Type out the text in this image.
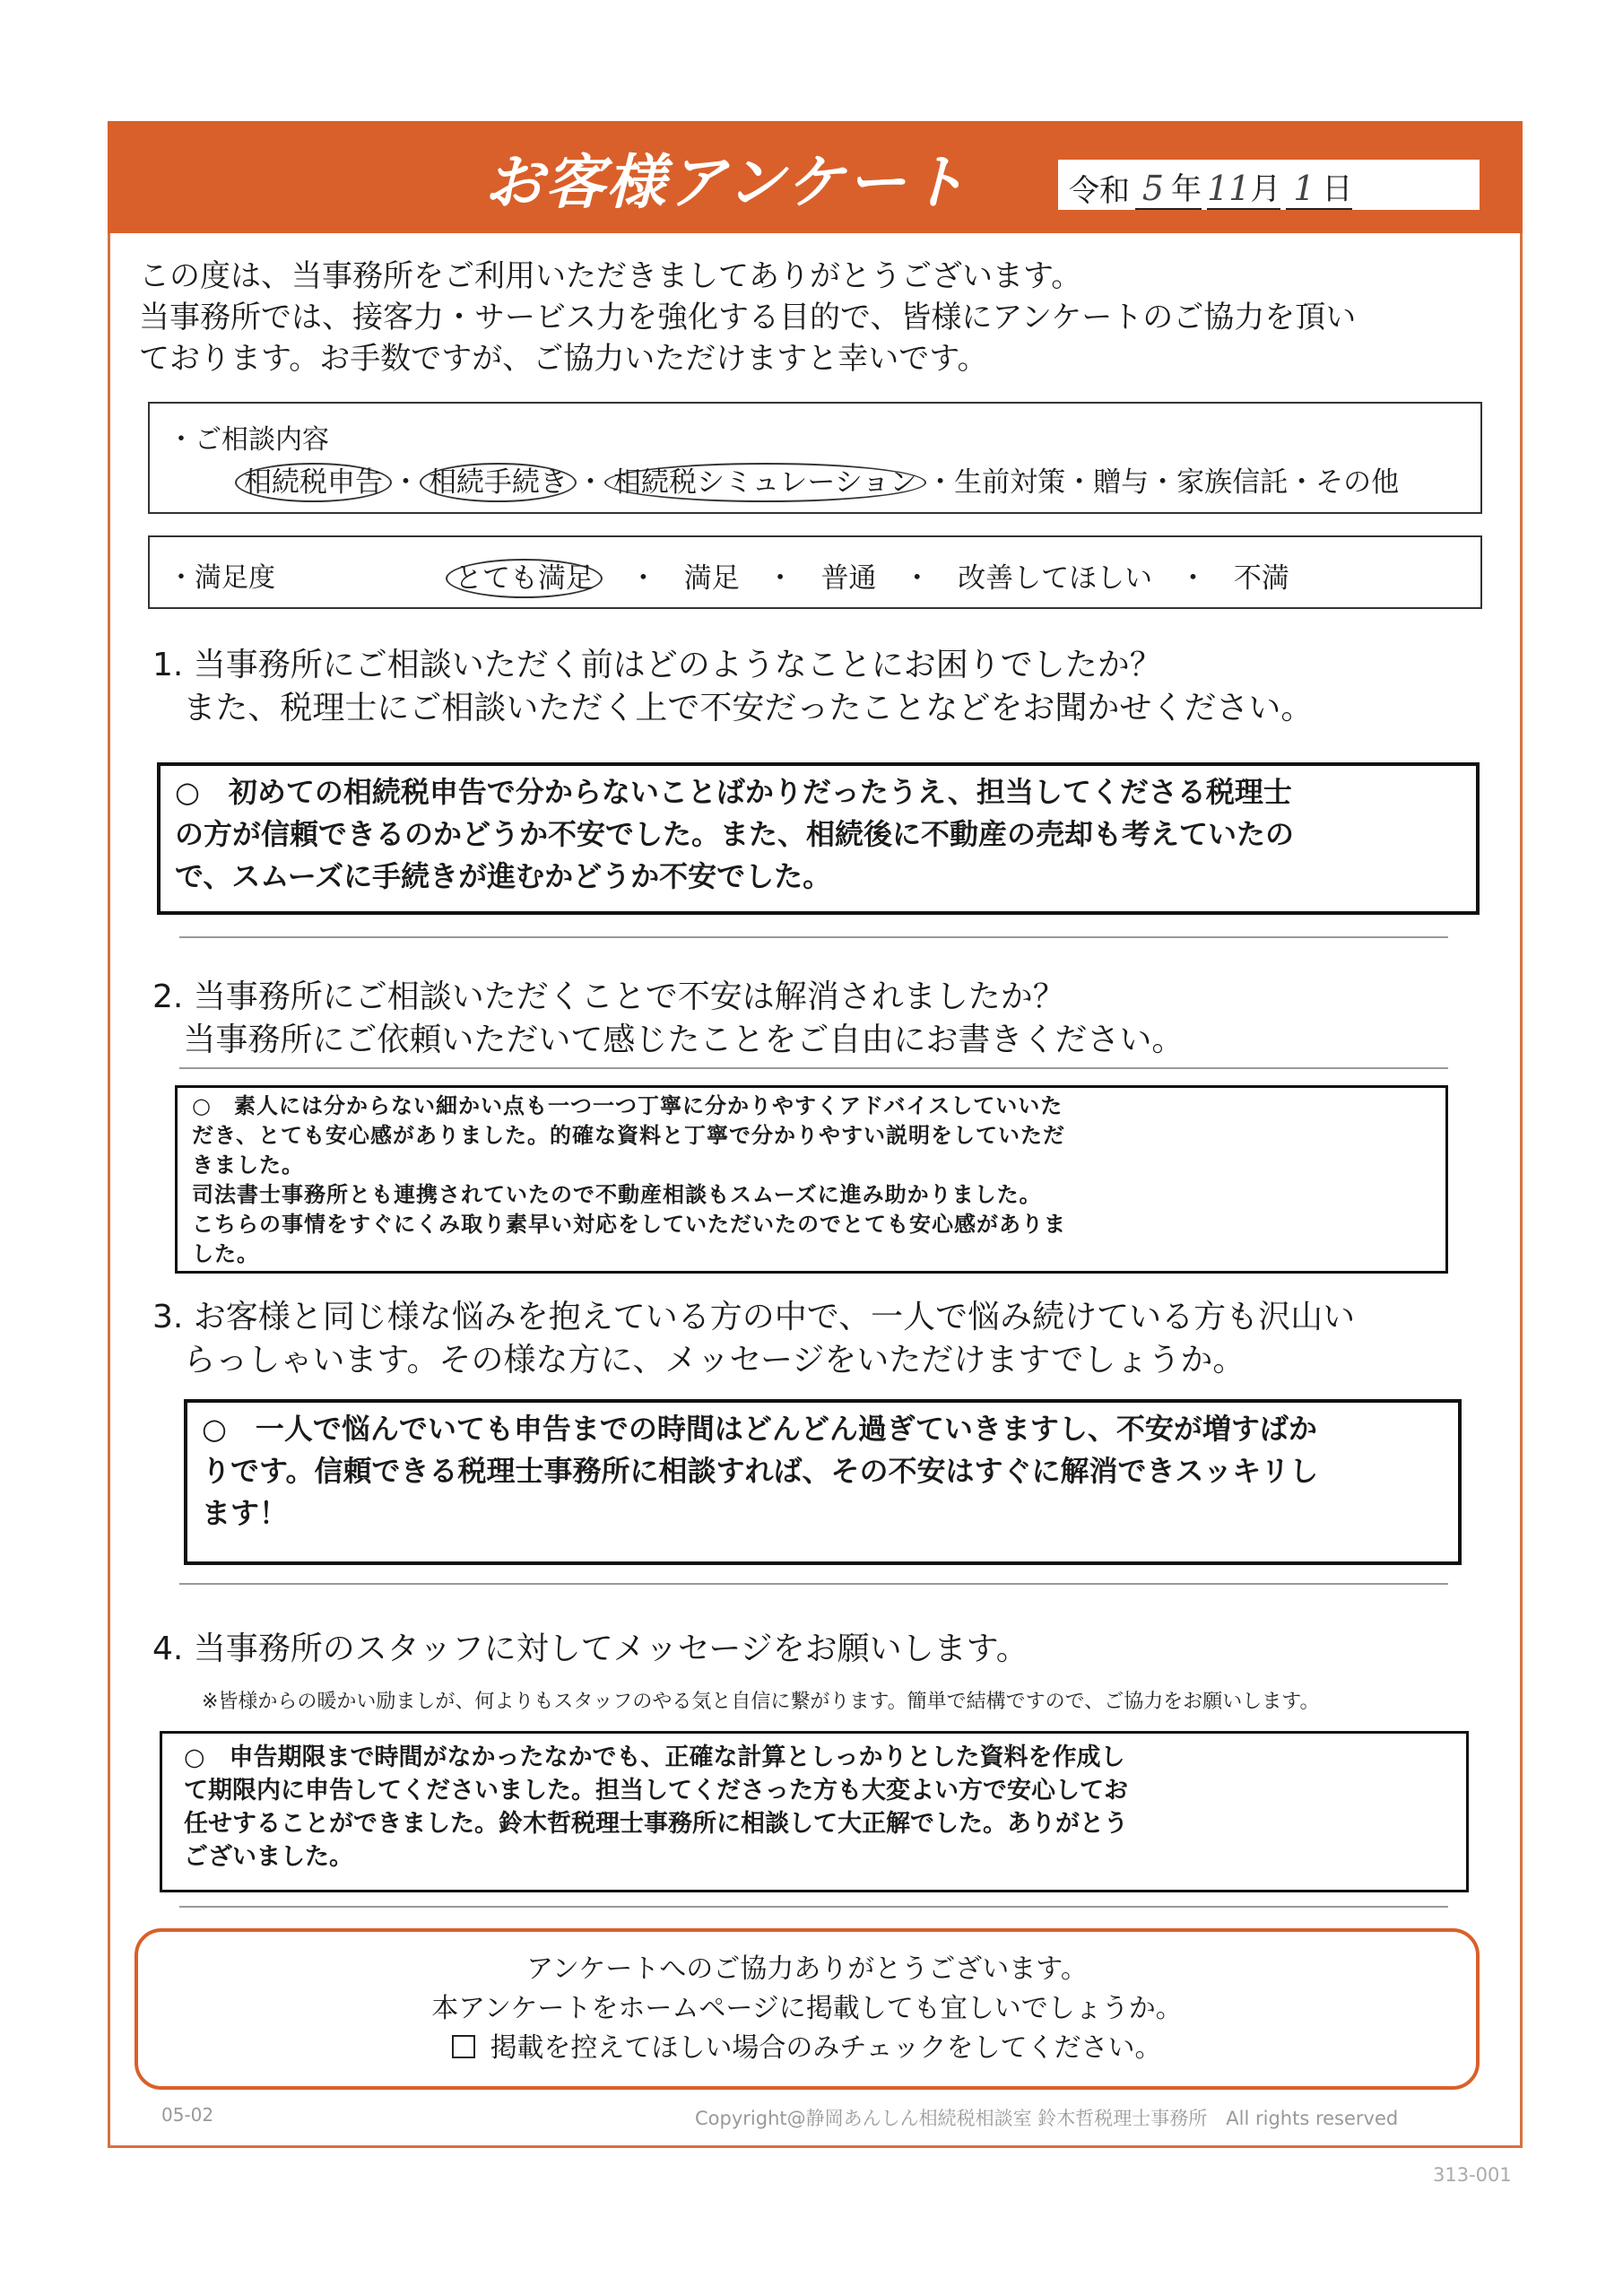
お客様アンケート	令和 5 年 11 月 1 日
この度は、当事務所をご利用いただきましてありがとうございます。
当事務所では、接客力・サービス力を強化する目的で、皆様にアンケートのご協力を頂い
ております。お手数ですが、ご協力いただけますと幸いです。
・ご相談内容
相続税申告 ・ 相続手続き ・ 相続税シミュレーション ・生前対策・贈与・家族信託・その他
・満足度	とても満足 ・ 満足 ・ 普通 ・ 改善してほしい ・ 不満
1. 当事務所にご相談いただく前はどのようなことにお困りでしたか？
また、税理士にご相談いただく上で不安だったことなどをお聞かせください。
○　初めての相続税申告で分からないことばかりだったうえ、担当してくださる税理士
の方が信頼できるのかどうか不安でした。また、相続後に不動産の売却も考えていたの
で、スムーズに手続きが進むかどうか不安でした。
2. 当事務所にご相談いただくことで不安は解消されましたか？
当事務所にご依頼いただいて感じたことをご自由にお書きください。
○　素人には分からない細かい点も一つ一つ丁寧に分かりやすくアドバイスしていいた
だき、とても安心感がありました。的確な資料と丁寧で分かりやすい説明をしていただ
きました。
司法書士事務所とも連携されていたので不動産相談もスムーズに進み助かりました。
こちらの事情をすぐにくみ取り素早い対応をしていただいたのでとても安心感がありま
した。
3. お客様と同じ様な悩みを抱えている方の中で、一人で悩み続けている方も沢山い
らっしゃいます。その様な方に、メッセージをいただけますでしょうか。
○　一人で悩んでいても申告までの時間はどんどん過ぎていきますし、不安が増すばか
りです。信頼できる税理士事務所に相談すれば、その不安はすぐに解消できスッキリし
ます！
4. 当事務所のスタッフに対してメッセージをお願いします。
※皆様からの暖かい励ましが、何よりもスタッフのやる気と自信に繋がります。簡単で結構ですので、ご協力をお願いします。
○　申告期限まで時間がなかったなかでも、正確な計算としっかりとした資料を作成し
て期限内に申告してくださいました。担当してくださった方も大変よい方で安心してお
任せすることができました。鈴木哲税理士事務所に相談して大正解でした。ありがとう
ございました。
アンケートへのご協力ありがとうございます。
本アンケートをホームページに掲載しても宜しいでしょうか。
掲載を控えてほしい場合のみチェックをしてください。
05-02	Copyright@静岡あんしん相続税相談室 鈴木哲税理士事務所　All rights reserved
313-001
